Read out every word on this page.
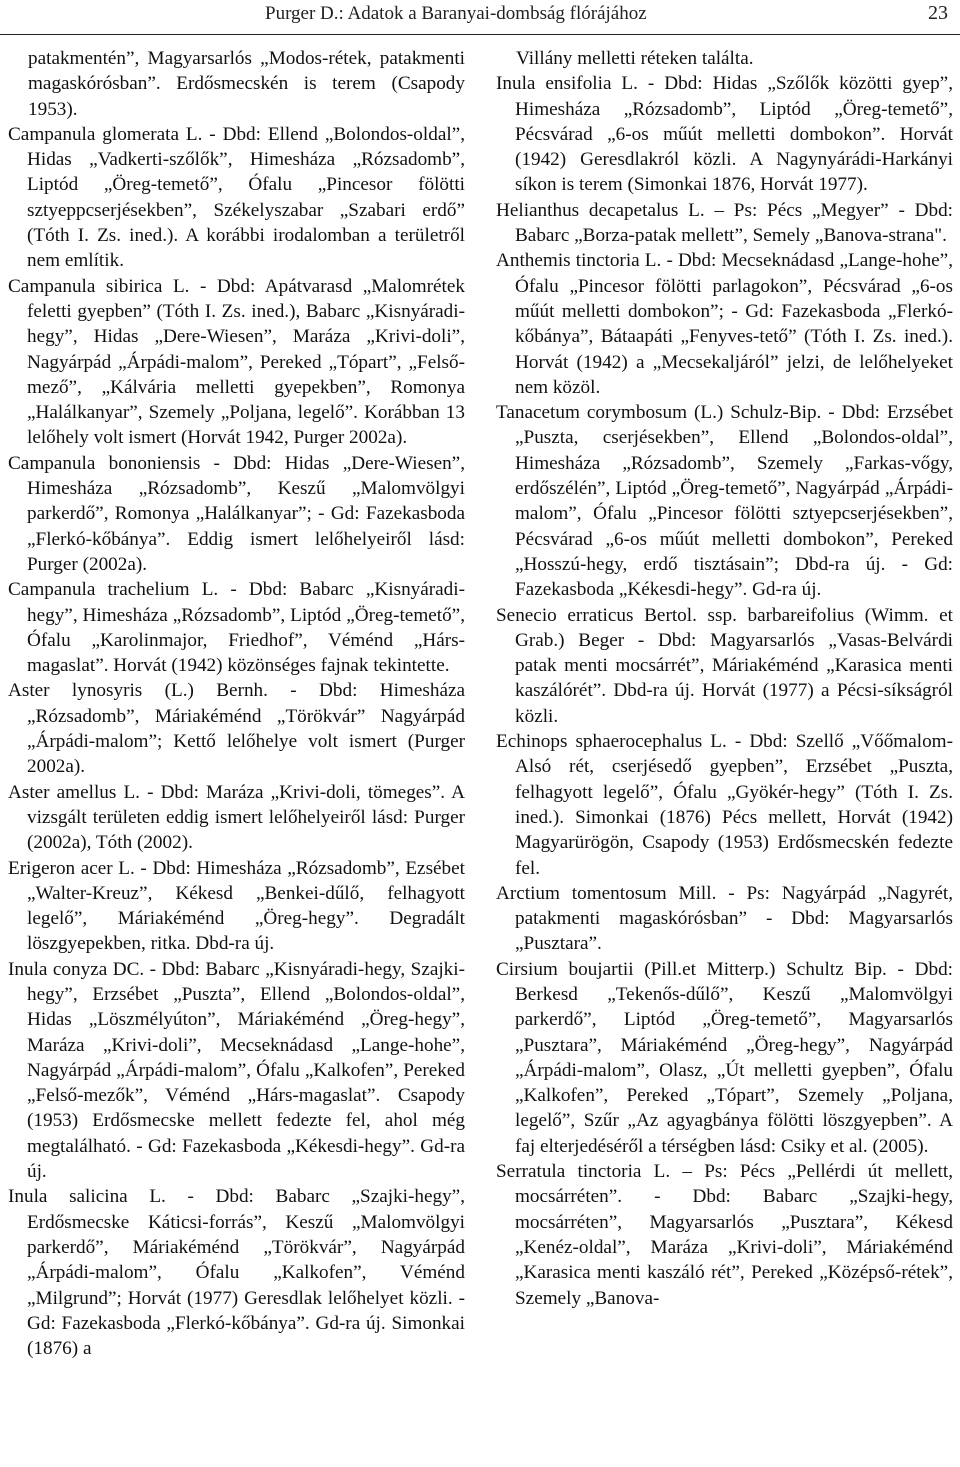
Purger D.: Adatok a Baranyai-dombság flórájához	23

patakmentén”, Magyarsarlós „Modos-rétek, patakmenti magaskórósban”. Erdősmecskén is terem (Csapody 1953).

Campanula glomerata L. - Dbd: Ellend „Bolondos-oldal”, Hidas „Vadkerti-szőlők”, Himesháza „Rózsadomb”, Liptód „Öreg-temető”, Ófalu „Pincesor fölötti sztyeppcserjésekben”, Székelyszabar „Szabari erdő” (Tóth I. Zs. ined.). A korábbi irodalomban a területről nem említik.

Campanula sibirica L. - Dbd: Apátvarasd „Malomrétek feletti gyepben” (Tóth I. Zs. ined.), Babarc „Kisnyáradi-hegy”, Hidas „Dere-Wiesen”, Maráza „Krivi-doli”, Nagyárpád „Árpádi-malom”, Pereked „Tópart”, „Felső-mező”, „Kálvária melletti gyepekben”, Romonya „Halálkanyar”, Szemely „Poljana, legelő”. Korábban 13 lelőhely volt ismert (Horvát 1942, Purger 2002a).

Campanula bononiensis - Dbd: Hidas „Dere-Wiesen”, Himesháza „Rózsadomb”, Keszű „Malomvölgyi parkerdő”, Romonya „Halálkanyar”; - Gd: Fazekasboda „Flerkó-kőbánya”. Eddig ismert lelőhelyeiről lásd: Purger (2002a).

Campanula trachelium L. - Dbd: Babarc „Kisnyáradi-hegy”, Himesháza „Rózsadomb”, Liptód „Öreg-temető”, Ófalu „Karolinmajor, Friedhof”, Véménd „Hárs-magaslat”. Horvát (1942) közönséges fajnak tekintette.

Aster lynosyris (L.) Bernh. - Dbd: Himesháza „Rózsadomb”, Máriakéménd „Törökvár” Nagyárpád „Árpádi-malom”; Kettő lelőhelye volt ismert (Purger 2002a).

Aster amellus L. - Dbd: Maráza „Krivi-doli, tömeges”. A vizsgált területen eddig ismert lelőhelyeiről lásd: Purger (2002a), Tóth (2002).

Erigeron acer L. - Dbd: Himesháza „Rózsadomb”, Ezsébet „Walter-Kreuz”, Kékesd „Benkei-dűlő, felhagyott legelő”, Máriakéménd „Öreg-hegy”. Degradált löszgyepekben, ritka. Dbd-ra új.

Inula conyza DC. - Dbd: Babarc „Kisnyáradi-hegy, Szajki-hegy”, Erzsébet „Puszta”, Ellend „Bolondos-oldal”, Hidas „Löszmélyúton”, Máriakéménd „Öreg-hegy”, Maráza „Krivi-doli”, Mecseknádasd „Lange-hohe”, Nagyárpád „Árpádi-malom”, Ófalu „Kalkofen”, Pereked „Felső-mezők”, Véménd „Hárs-magaslat”. Csapody (1953) Erdősmecske mellett fedezte fel, ahol még megtalálható. - Gd: Fazekasboda „Kékesdi-hegy”. Gd-ra új.

Inula salicina L. - Dbd: Babarc „Szajki-hegy”, Erdősmecske Káticsi-forrás”, Keszű „Malomvölgyi parkerdő”, Máriakéménd „Törökvár”, Nagyárpád „Árpádi-malom”, Ófalu „Kalkofen”, Véménd „Milgrund”; Horvát (1977) Geresdlak lelőhelyet közli. - Gd: Fazekasboda „Flerkó-kőbánya”. Gd-ra új. Simonkai (1876) a

Villány melletti réteken találta.

Inula ensifolia L. - Dbd: Hidas „Szőlők közötti gyep”, Himesháza „Rózsadomb”, Liptód „Öreg-temető”, Pécsvárad „6-os műút melletti dombokon”. Horvát (1942) Geresdlakról közli. A Nagynyárádi-Harkányi síkon is terem (Simonkai 1876, Horvát 1977).

Helianthus decapetalus L. – Ps: Pécs „Megyer” - Dbd: Babarc „Borza-patak mellett”, Semely „Banova-strana".

Anthemis tinctoria L. - Dbd: Mecseknádasd „Lange-hohe”, Ófalu „Pincesor fölötti parlagokon”, Pécsvárad „6-os műút melletti dombokon”; - Gd: Fazekasboda „Flerkó-kőbánya”, Bátaapáti „Fenyves-tető” (Tóth I. Zs. ined.). Horvát (1942) a „Mecsekaljáról” jelzi, de lelőhelyeket nem közöl.

Tanacetum corymbosum (L.) Schulz-Bip. - Dbd: Erzsébet „Puszta, cserjésekben”, Ellend „Bolondos-oldal”, Himesháza „Rózsadomb”, Szemely „Farkas-vőgy, erdőszélén”, Liptód „Öreg-temető”, Nagyárpád „Árpádi-malom”, Ófalu „Pincesor fölötti sztyepcserjésekben”, Pécsvárad „6-os műút melletti dombokon”, Pereked „Hosszú-hegy, erdő tisztásain”; Dbd-ra új. - Gd: Fazekasboda „Kékesdi-hegy”. Gd-ra új.

Senecio erraticus Bertol. ssp. barbareifolius (Wimm. et Grab.) Beger - Dbd: Magyarsarlós „Vasas-Belvárdi patak menti mocsárrét”, Máriakéménd „Karasica menti kaszálórét”. Dbd-ra új. Horvát (1977) a Pécsi-síkságról közli.

Echinops sphaerocephalus L. - Dbd: Szellő „Vőőmalom-Alsó rét, cserjésedő gyepben”, Erzsébet „Puszta, felhagyott legelő”, Ófalu „Gyökér-hegy” (Tóth I. Zs. ined.). Simonkai (1876) Pécs mellett, Horvát (1942) Magyarürögön, Csapody (1953) Erdősmecskén fedezte fel.

Arctium tomentosum Mill. - Ps: Nagyárpád „Nagyrét, patakmenti magaskórósban” - Dbd: Magyarsarlós „Pusztara”.

Cirsium boujartii (Pill.et Mitterp.) Schultz Bip. - Dbd: Berkesd „Tekenős-dűlő”, Keszű „Malomvölgyi parkerdő”, Liptód „Öreg-temető”, Magyarsarlós „Pusztara”, Máriakéménd „Öreg-hegy”, Nagyárpád „Árpádi-malom”, Olasz, „Út melletti gyepben”, Ófalu „Kalkofen”, Pereked „Tópart”, Szemely „Poljana, legelő”, Szűr „Az agyagbánya fölötti löszgyepben”. A faj elterjedéséről a térségben lásd: Csiky et al. (2005).

Serratula tinctoria L. – Ps: Pécs „Pellérdi út mellett, mocsárréten”. - Dbd: Babarc „Szajki-hegy, mocsárréten”, Magyarsarlós „Pusztara”, Kékesd „Kenéz-oldal”, Maráza „Krivi-doli”, Máriakéménd „Karasica menti kaszáló rét”, Pereked „Középső-rétek”, Szemely „Banova-
